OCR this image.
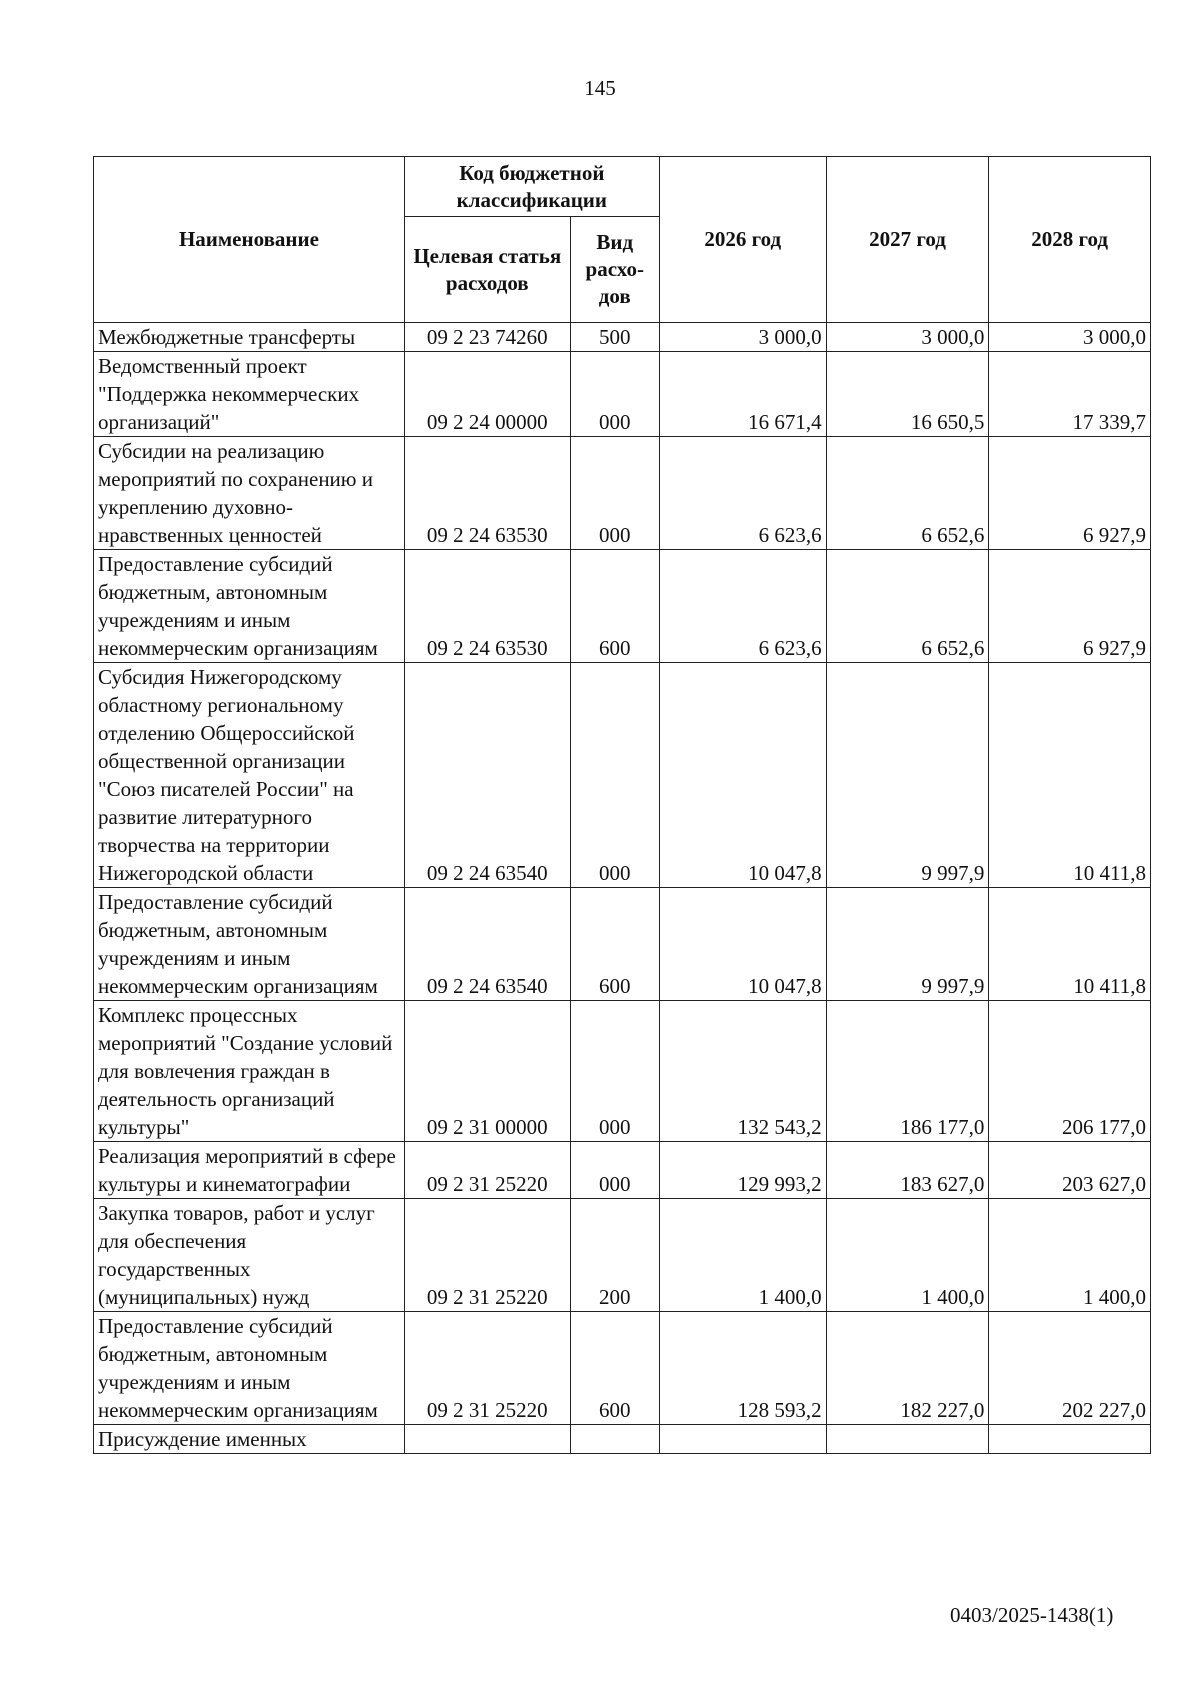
145
Наименование	Код бюджетной классификации		2026 год	2027 год	2028 год
	Целевая статья расходов	Вид расхо-дов			
Межбюджетные трансферты	09 2 23 74260	500	3 000,0	3 000,0	3 000,0
Ведомственный проект "Поддержка некоммерческих организаций"	09 2 24 00000	000	16 671,4	16 650,5	17 339,7
Субсидии на реализацию мероприятий по сохранению и укреплению духовно-нравственных ценностей	09 2 24 63530	000	6 623,6	6 652,6	6 927,9
Предоставление субсидий бюджетным, автономным учреждениям и иным некоммерческим организациям	09 2 24 63530	600	6 623,6	6 652,6	6 927,9
Субсидия Нижегородскому областному региональному отделению Общероссийской общественной организации "Союз писателей России" на развитие литературного творчества на территории Нижегородской области	09 2 24 63540	000	10 047,8	9 997,9	10 411,8
Предоставление субсидий бюджетным, автономным учреждениям и иным некоммерческим организациям	09 2 24 63540	600	10 047,8	9 997,9	10 411,8
Комплекс процессных мероприятий "Создание условий для вовлечения граждан в деятельность организаций культуры"	09 2 31 00000	000	132 543,2	186 177,0	206 177,0
Реализация мероприятий в сфере культуры и кинематографии	09 2 31 25220	000	129 993,2	183 627,0	203 627,0
Закупка товаров, работ и услуг для обеспечения государственных (муниципальных) нужд	09 2 31 25220	200	1 400,0	1 400,0	1 400,0
Предоставление субсидий бюджетным, автономным учреждениям и иным некоммерческим организациям	09 2 31 25220	600	128 593,2	182 227,0	202 227,0
Присуждение именных					
0403/2025-1438(1)
